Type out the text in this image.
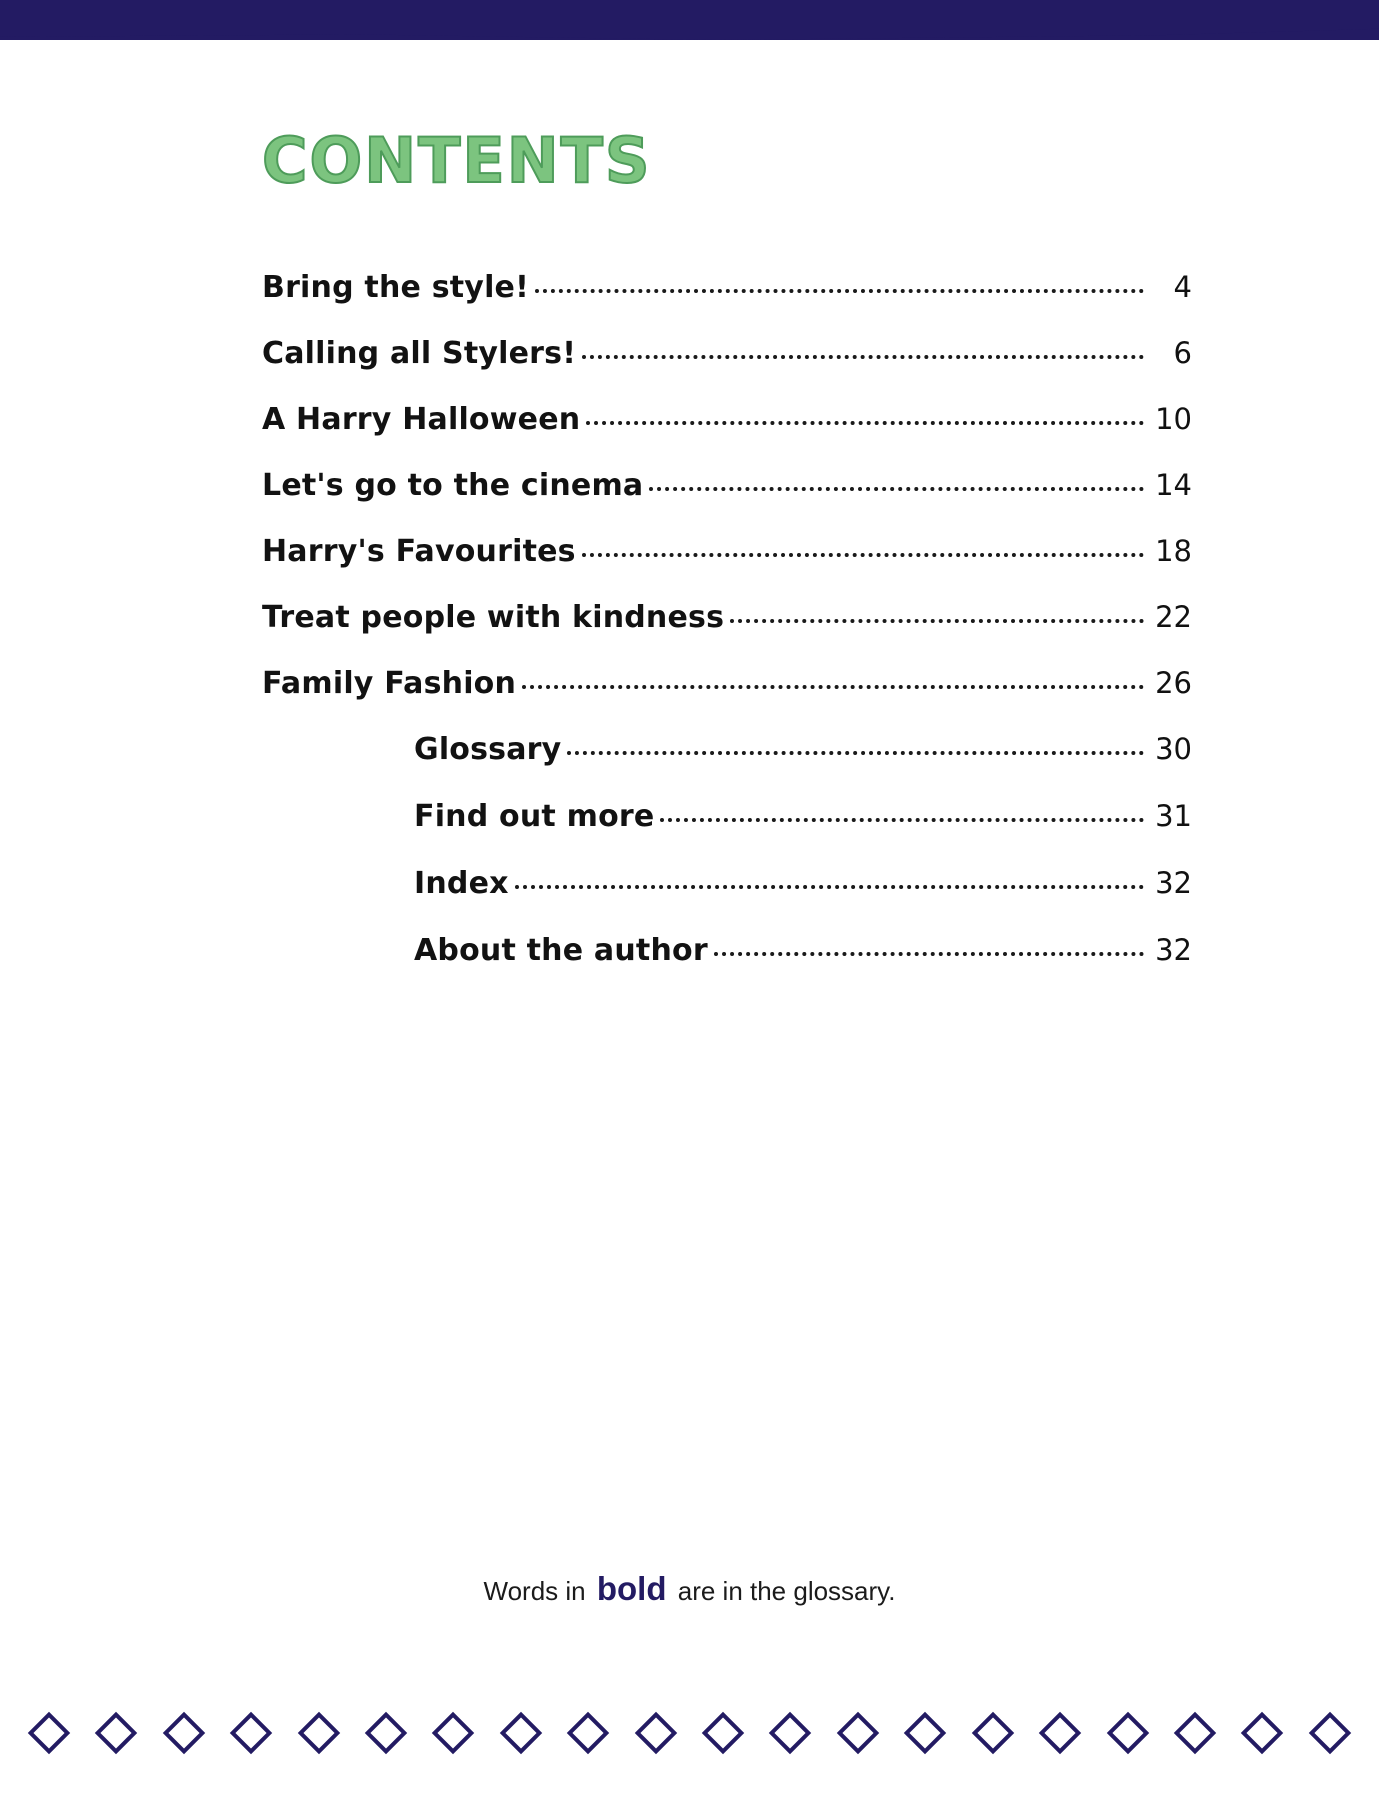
CONTENTS
Bring the style!	4
Calling all Stylers!	6
A Harry Halloween	10
Let's go to the cinema	14
Harry's Favourites	18
Treat people with kindness	22
Family Fashion	26
Glossary	30
Find out more	31
Index	32
About the author	32
Words in bold are in the glossary.
